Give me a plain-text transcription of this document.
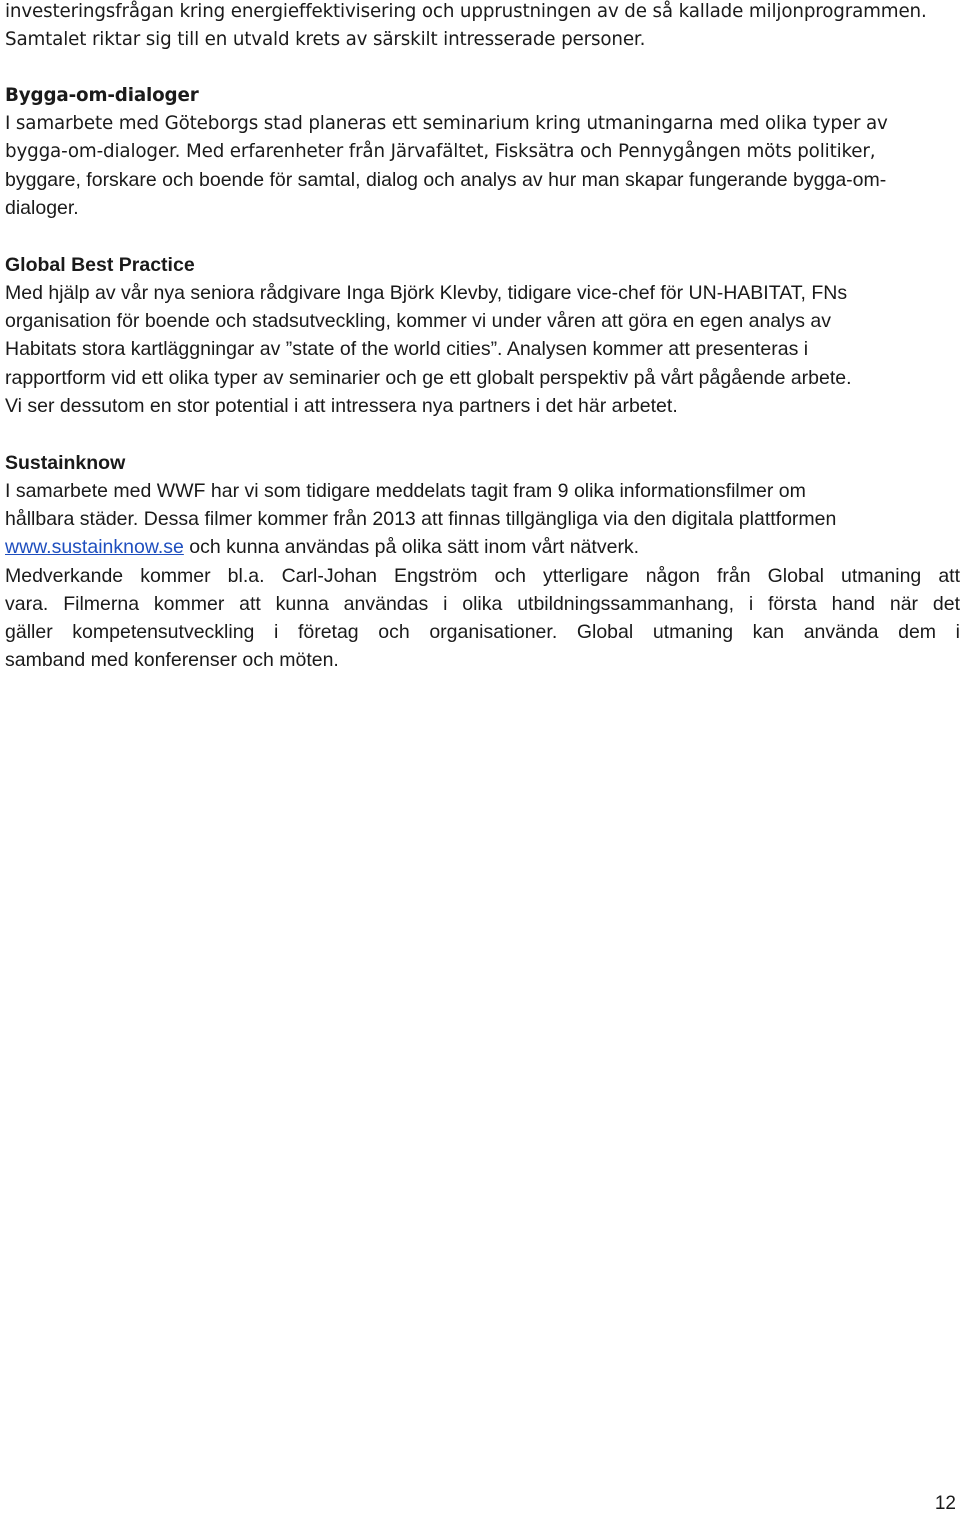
investeringsfrågan kring energieffektivisering och upprustningen av de så kallade miljonprogrammen.

Samtalet riktar sig till en utvald krets av särskilt intresserade personer.

Bygga-om-dialoger

I samarbete med Göteborgs stad planeras ett seminarium kring utmaningarna med olika typer av

bygga-om-dialoger. Med erfarenheter från Järvafältet, Fisksätra och Pennygången möts politiker,

byggare, forskare och boende för samtal, dialog och analys av hur man skapar fungerande bygga-om-

dialoger.

Global Best Practice

Med hjälp av vår nya seniora rådgivare Inga Björk Klevby, tidigare vice-chef för UN-HABITAT, FNs

organisation för boende och stadsutveckling, kommer vi under våren att göra en egen analys av

Habitats stora kartläggningar av ”state of the world cities”. Analysen kommer att presenteras i

rapportform vid ett olika typer av seminarier och ge ett globalt perspektiv på vårt pågående arbete.

Vi ser dessutom en stor potential i att intressera nya partners i det här arbetet.

Sustainknow

I samarbete med WWF har vi som tidigare meddelats tagit fram 9 olika informationsfilmer om

hållbara städer. Dessa filmer kommer från 2013 att finnas tillgängliga via den digitala plattformen

www.sustainknow.se och kunna användas på olika sätt inom vårt nätverk.

Medverkande kommer bl.a. Carl-Johan Engström och ytterligare någon från Global utmaning att

vara. Filmerna kommer att kunna användas i olika utbildningssammanhang, i första hand när det

gäller kompetensutveckling i företag och organisationer. Global utmaning kan använda dem i

samband med konferenser och möten.

12
